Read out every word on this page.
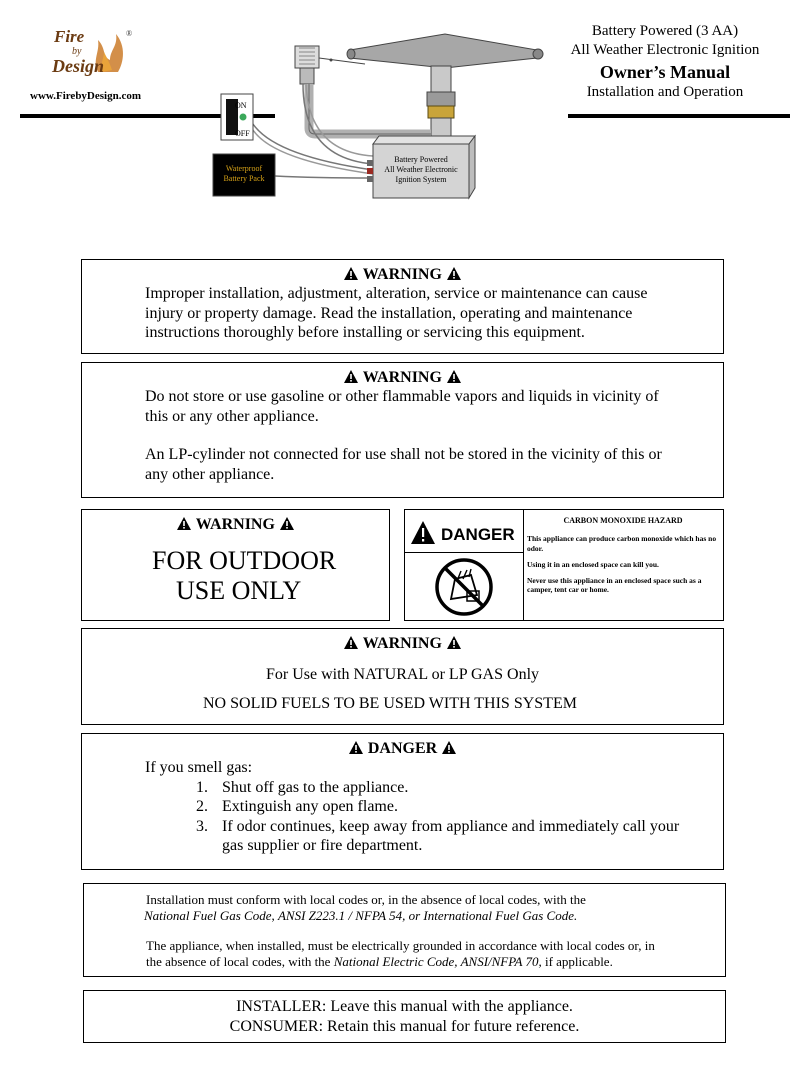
Fire
by
Design
®
www.FirebyDesign.com
Battery Powered (3 AA)
All Weather Electronic Ignition
Owner’s Manual
Installation and Operation
ON
OFF
Waterproof
Battery Pack
Battery Powered
All Weather Electronic
Ignition System
WARNING
Improper installation, adjustment, alteration, service or maintenance can cause
injury or property damage. Read the installation, operating and maintenance
instructions thoroughly before installing or servicing this equipment.
WARNING
Do not store or use gasoline or other flammable vapors and liquids in vicinity of
this or any other appliance.
An LP-cylinder not connected for use shall not be stored in the vicinity of this or
any other appliance.
WARNING
FOR OUTDOOR
USE ONLY
DANGER
CARBON MONOXIDE HAZARD
This appliance can produce carbon monoxide which has no odor.
Using it in an enclosed space can kill you.
Never use this appliance in an enclosed space such as a camper, tent car or home.
WARNING
For Use with NATURAL or LP GAS Only
NO SOLID FUELS TO BE USED WITH THIS SYSTEM
DANGER
If you smell gas:
1. Shut off gas to the appliance.
2. Extinguish any open flame.
3. If odor continues, keep away from appliance and immediately call your
gas supplier or fire department.
Installation must conform with local codes or, in the absence of local codes, with the
National Fuel Gas Code, ANSI Z223.1 / NFPA 54, or International Fuel Gas Code.
The appliance, when installed, must be electrically grounded in accordance with local codes or, in
the absence of local codes, with the National Electric Code, ANSI/NFPA 70, if applicable.
INSTALLER: Leave this manual with the appliance.
CONSUMER: Retain this manual for future reference.
